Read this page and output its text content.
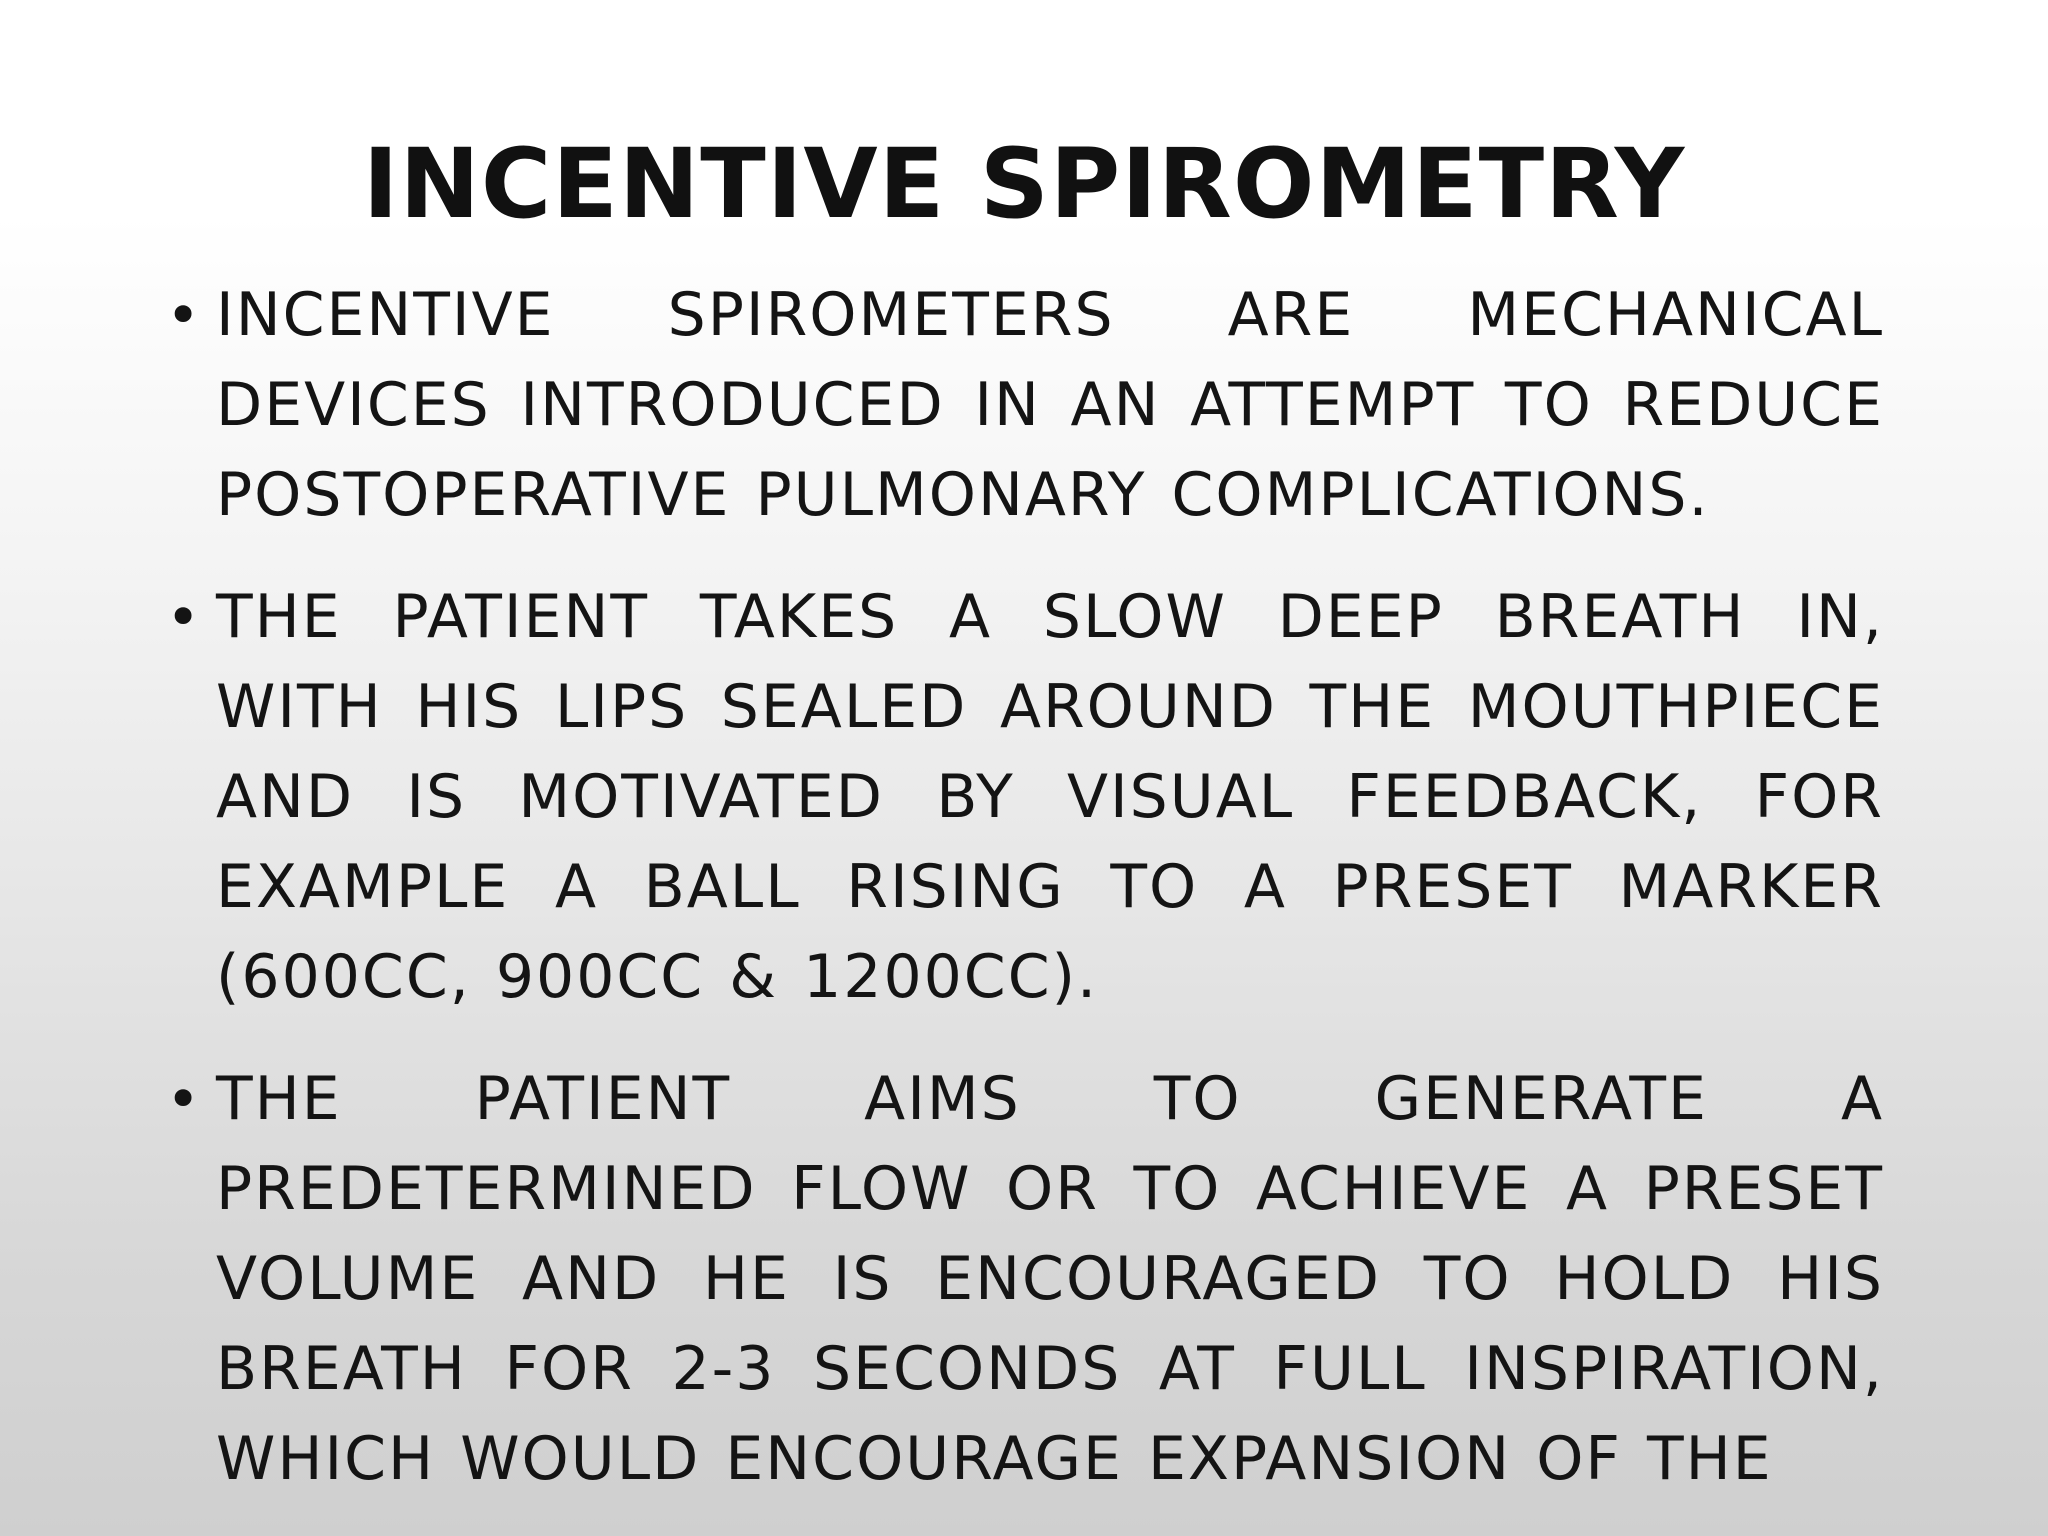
INCENTIVE SPIROMETRY
• INCENTIVE SPIROMETERS ARE MECHANICAL DEVICES INTRODUCED IN AN ATTEMPT TO REDUCE POSTOPERATIVE PULMONARY COMPLICATIONS.
• THE PATIENT TAKES A SLOW DEEP BREATH IN, WITH HIS LIPS SEALED AROUND THE MOUTHPIECE AND IS MOTIVATED BY VISUAL FEEDBACK, FOR EXAMPLE A BALL RISING TO A PRESET MARKER (600CC, 900CC & 1200CC).
• THE PATIENT AIMS TO GENERATE A PREDETERMINED FLOW OR TO ACHIEVE A PRESET VOLUME AND HE IS ENCOURAGED TO HOLD HIS BREATH FOR 2-3 SECONDS AT FULL INSPIRATION, WHICH WOULD ENCOURAGE EXPANSION OF THE
